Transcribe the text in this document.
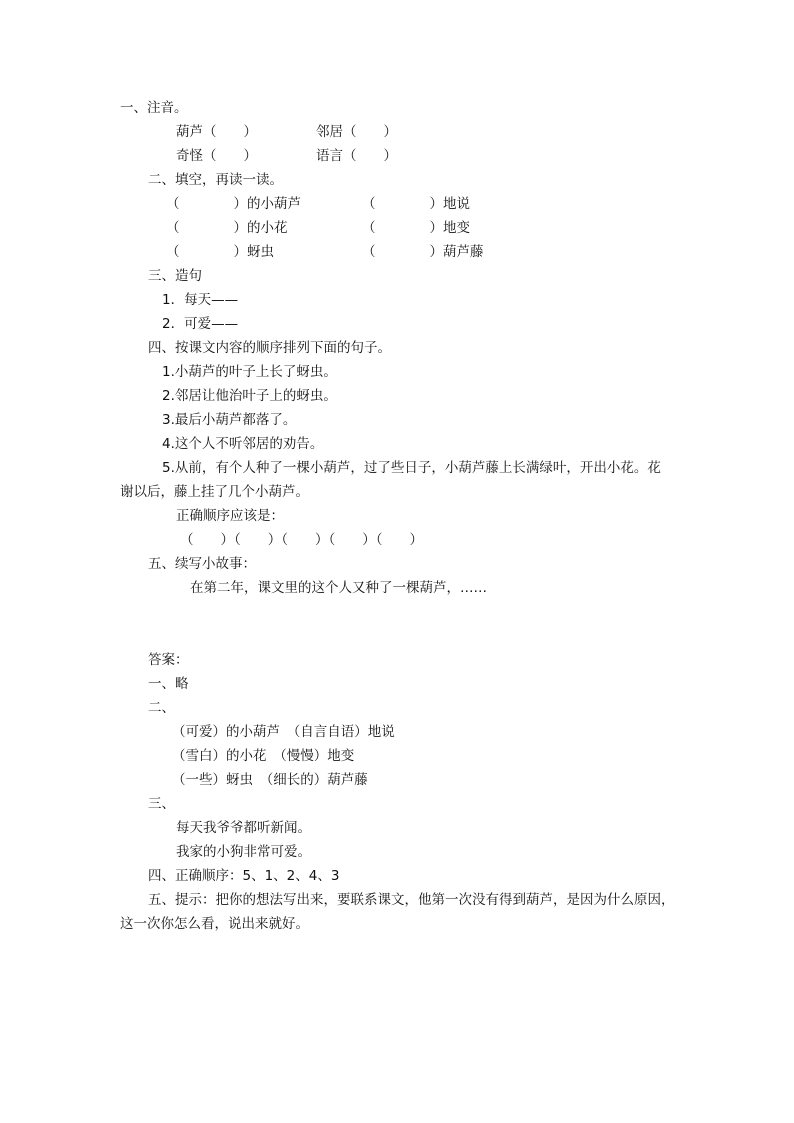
一、注音。
葫芦（　　）	邻居（　　）
奇怪（　　）	语言（　　）
二、填空，再读一读。
（　　　　）的小葫芦	（　　　　）地说
（　　　　）的小花	（　　　　）地变
（　　　　）蚜虫	（　　　　）葫芦藤
三、造句
1．每天——
2．可爱——
四、按课文内容的顺序排列下面的句子。
1.小葫芦的叶子上长了蚜虫。
2.邻居让他治叶子上的蚜虫。
3.最后小葫芦都落了。
4.这个人不听邻居的劝告。
5.从前，有个人种了一棵小葫芦，过了些日子，小葫芦藤上长满绿叶，开出小花。花
谢以后，藤上挂了几个小葫芦。
正确顺序应该是：
（　　）（　　）（　　）（　　）（　　）
五、续写小故事：
在第二年，课文里的这个人又种了一棵葫芦，……
答案：
一、略
二、
（可爱）的小葫芦　（自言自语）地说
（雪白）的小花　（慢慢）地变
（一些）蚜虫　（细长的）葫芦藤
三、
每天我爷爷都听新闻。
我家的小狗非常可爱。
四、正确顺序：5、1、2、4、3
五、提示：把你的想法写出来，要联系课文，他第一次没有得到葫芦，是因为什么原因，
这一次你怎么看，说出来就好。
